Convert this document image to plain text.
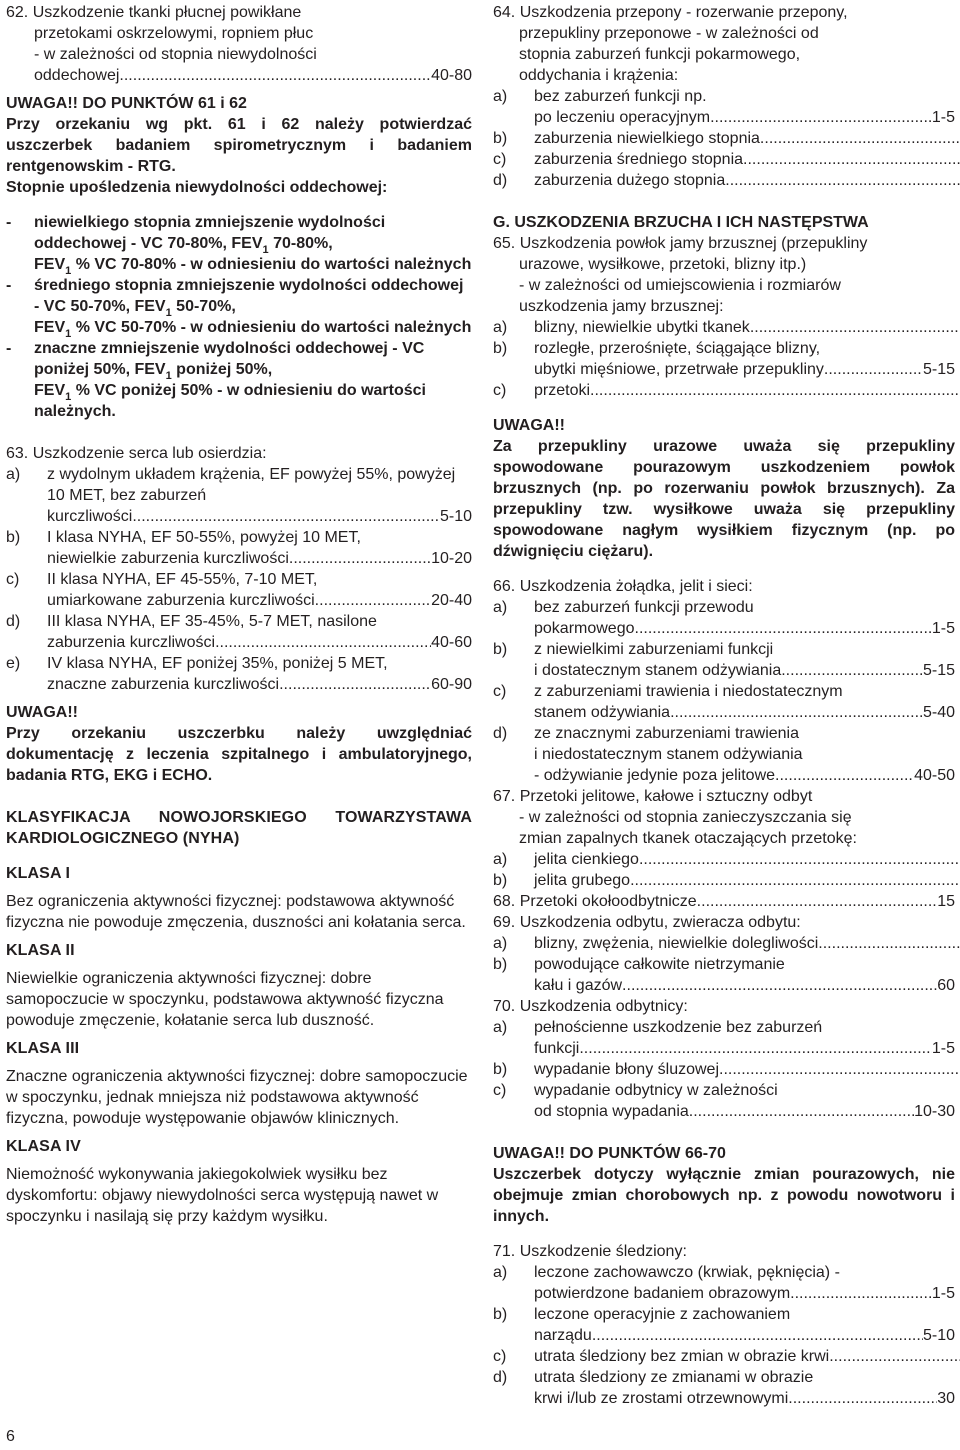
62. Uszkodzenie tkanki płucnej powikłane

przetokami oskrzelowymi, ropniem płuc

- w zależności od stopnia niewydolności

oddechowej .....	40-80

UWAGA!! DO PUNKTÓW 61 i 62

Przy orzekaniu wg pkt. 61 i 62 należy potwierdzać uszczerbek badaniem spirometrycznym i badaniem rentgenowskim - RTG.

Stopnie upośledzenia niewydolności oddechowej:

-	niewielkiego stopnia zmniejszenie wydolności oddechowej - VC 70-80%, $FEV_1$ 70-80%,
$FEV_1$ % VC 70-80% - w odniesieniu do wartości należnych
-	średniego stopnia zmniejszenie wydolności oddechowej - VC 50-70%, $FEV_1$ 50-70%,
$FEV_1$ % VC 50-70% - w odniesieniu do wartości należnych
-	znaczne zmniejszenie wydolności oddechowej - VC poniżej 50%, $FEV_1$ poniżej 50%,
$FEV_1$ % VC poniżej 50% - w odniesieniu do wartości należnych.

63. Uszkodzenie serca lub osierdzia:

a)	z wydolnym układem krążenia, EF powyżej 55%, powyżej 10 MET, bez zaburzeń
kurczliwości .....	5-10
b)	I klasa NYHA, EF 50-55%, powyżej 10 MET,
niewielkie zaburzenia kurczliwości .....	10-20
c)	II klasa NYHA, EF 45-55%, 7-10 MET,
umiarkowane zaburzenia kurczliwości .....	20-40
d)	III klasa NYHA, EF 35-45%, 5-7 MET, nasilone
zaburzenia kurczliwości .....	40-60
e)	IV klasa NYHA, EF poniżej 35%, poniżej 5 MET,
znaczne zaburzenia kurczliwości .....	60-90

UWAGA!!

Przy orzekaniu uszczerbku należy uwzględniać dokumentację z leczenia szpitalnego i ambulatoryjnego, badania RTG, EKG i ECHO.

KLASYFIKACJA NOWOJORSKIEGO TOWARZYSTAWA KARDIOLOGICZNEGO (NYHA)

KLASA I

Bez ograniczenia aktywności fizycznej: podstawowa aktywność fizyczna nie powoduje zmęczenia, duszności ani kołatania serca.

KLASA II

Niewielkie ograniczenia aktywności fizycznej: dobre samopoczucie w spoczynku, podstawowa aktywność fizyczna powoduje zmęczenie, kołatanie serca lub duszność.

KLASA III

Znaczne ograniczenia aktywności fizycznej: dobre samopoczucie w spoczynku, jednak mniejsza niż podstawowa aktywność fizyczna, powoduje występowanie objawów klinicznych.

KLASA IV

Niemożność wykonywania jakiegokolwiek wysiłku bez dyskomfortu: objawy niewydolności serca występują nawet w spoczynku i nasilają się przy każdym wysiłku.

64. Uszkodzenia przepony - rozerwanie przepony,

przepukliny przeponowe - w zależności od

stopnia zaburzeń funkcji pokarmowego,

oddychania i krążenia:

a)	bez zaburzeń funkcji np.
po leczeniu operacyjnym .....	1-5
b)	zaburzenia niewielkiego stopnia
.....
c)	zaburzenia średniego stopnia
.....
d)	zaburzenia dużego stopnia
.....

G. USZKODZENIA BRZUCHA I ICH NASTĘPSTWA

65. Uszkodzenia powłok jamy brzusznej (przepukliny

urazowe, wysiłkowe, przetoki, blizny itp.)

- w zależności od umiejscowienia i rozmiarów

uszkodzenia jamy brzusznej:

a)	blizny, niewielkie ubytki tkanek
.....
b)	rozległe, przerośnięte, ściągające blizny,
ubytki mięśniowe, przetrwałe przepukliny .....	5-15
c)	przetoki
.....

UWAGA!!

Za przepukliny urazowe uważa się przepukliny spowodowane pourazowym uszkodzeniem powłok brzusznych (np. po rozerwaniu powłok brzusznych). Za przepukliny tzw. wysiłkowe uważa się przepukliny spowodowane nagłym wysiłkiem fizycznym (np. po dźwignięciu ciężaru).

66. Uszkodzenia żołądka, jelit i sieci:

a)	bez zaburzeń funkcji przewodu
pokarmowego .....	1-5
b)	z niewielkimi zaburzeniami funkcji
i dostatecznym stanem odżywiania .....	5-15
c)	z zaburzeniami trawienia i niedostatecznym
stanem odżywiania .....	5-40
d)	ze znacznymi zaburzeniami trawienia

i niedostatecznym stanem odżywiania

- odżywianie jedynie poza jelitowe .....	40-50

67. Przetoki jelitowe, kałowe i sztuczny odbyt

- w zależności od stopnia zanieczyszczania się

zmian zapalnych tkanek otaczających przetokę:

a)	jelita cienkiego
.....
b)	jelita grubego
.....
68. Przetoki okołoodbytnicze .....	15

69. Uszkodzenia odbytu, zwieracza odbytu:

a)	blizny, zwężenia, niewielkie dolegliwości
.....
b)	powodujące całkowite nietrzymanie
kału i gazów .....	60

70. Uszkodzenia odbytnicy:

a)	pełnościenne uszkodzenie bez zaburzeń
funkcji .....	1-5
b)	wypadanie błony śluzowej
.....
c)	wypadanie odbytnicy w zależności
od stopnia wypadania .....	10-30

UWAGA!! DO PUNKTÓW 66-70

Uszczerbek dotyczy wyłącznie zmian pourazowych, nie obejmuje zmian chorobowych np. z powodu nowotworu i innych.

71. Uszkodzenie śledziony:

a)	leczone zachowawczo (krwiak, pęknięcia) -
potwierdzone badaniem obrazowym .....	1-5
b)	leczone operacyjnie z zachowaniem
narządu .....	5-10
c)	utrata śledziony bez zmian w obrazie krwi
.....
d)	utrata śledziony ze zmianami w obrazie
krwi i/lub ze zrostami otrzewnowymi .....	30
6
